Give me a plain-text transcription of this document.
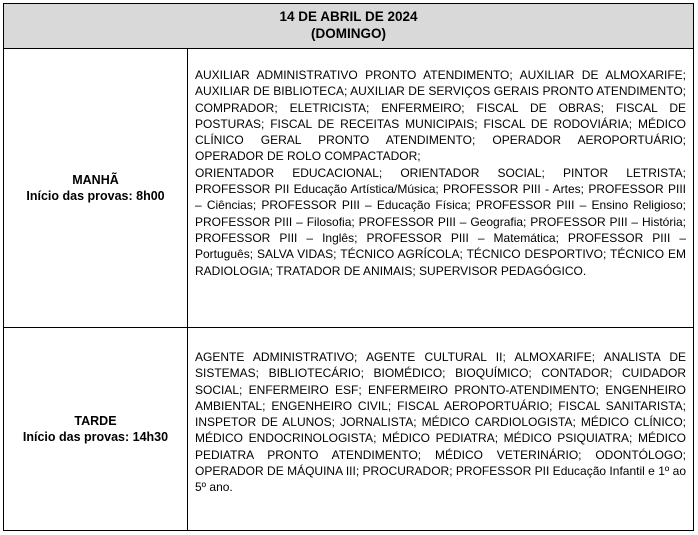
14 DE ABRIL DE 2024
(DOMINGO)
MANHÃ
Início das provas: 8h00
AUXILIAR ADMINISTRATIVO PRONTO ATENDIMENTO; AUXILIAR DE ALMOXARIFE; AUXILIAR DE BIBLIOTECA; AUXILIAR DE SERVIÇOS GERAIS PRONTO ATENDIMENTO; COMPRADOR; ELETRICISTA; ENFERMEIRO; FISCAL DE OBRAS; FISCAL DE POSTURAS; FISCAL DE RECEITAS MUNICIPAIS; FISCAL DE RODOVIÁRIA; MÉDICO CLÍNICO GERAL PRONTO ATENDIMENTO; OPERADOR AEROPORTUÁRIO; OPERADOR DE ROLO COMPACTADOR;
ORIENTADOR EDUCACIONAL; ORIENTADOR SOCIAL; PINTOR LETRISTA; PROFESSOR PII Educação Artística/Música; PROFESSOR PIII - Artes; PROFESSOR PIII – Ciências; PROFESSOR PIII – Educação Física; PROFESSOR PIII – Ensino Religioso; PROFESSOR PIII – Filosofia; PROFESSOR PIII – Geografia; PROFESSOR PIII – História; PROFESSOR PIII – Inglês; PROFESSOR PIII – Matemática; PROFESSOR PIII – Português; SALVA VIDAS; TÉCNICO AGRÍCOLA; TÉCNICO DESPORTIVO; TÉCNICO EM RADIOLOGIA; TRATADOR DE ANIMAIS; SUPERVISOR PEDAGÓGICO.
TARDE
Início das provas: 14h30
AGENTE ADMINISTRATIVO; AGENTE CULTURAL II; ALMOXARIFE; ANALISTA DE SISTEMAS; BIBLIOTECÁRIO; BIOMÉDICO; BIOQUÍMICO; CONTADOR; CUIDADOR SOCIAL; ENFERMEIRO ESF; ENFERMEIRO PRONTO-ATENDIMENTO; ENGENHEIRO AMBIENTAL; ENGENHEIRO CIVIL; FISCAL AEROPORTUÁRIO; FISCAL SANITARISTA; INSPETOR DE ALUNOS; JORNALISTA; MÉDICO CARDIOLOGISTA; MÉDICO CLÍNICO; MÉDICO ENDOCRINOLOGISTA; MÉDICO PEDIATRA; MÉDICO PSIQUIATRA; MÉDICO PEDIATRA PRONTO ATENDIMENTO; MÉDICO VETERINÁRIO; ODONTÓLOGO; OPERADOR DE MÁQUINA III; PROCURADOR; PROFESSOR PII Educação Infantil e 1º ao 5º ano.
